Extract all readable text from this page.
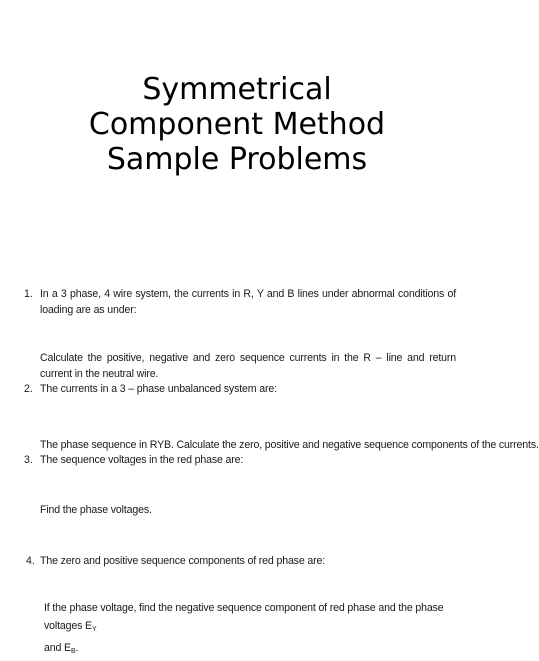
Symmetrical
Component Method
Sample Problems
1. In a 3 phase, 4 wire system, the currents in R, Y and B lines under abnormal conditions of loading are as under:

Calculate the positive, negative and zero sequence currents in the R – line and return current in the neutral wire.

2. The currents in a 3 – phase unbalanced system are:

The phase sequence in RYB. Calculate the zero, positive and negative sequence components of the currents.

3. The sequence voltages in the red phase are:

Find the phase voltages.

4. The zero and positive sequence components of red phase are:

If the phase voltage, find the negative sequence component of red phase and the phase voltages $E_Y$
and $E_B$.
